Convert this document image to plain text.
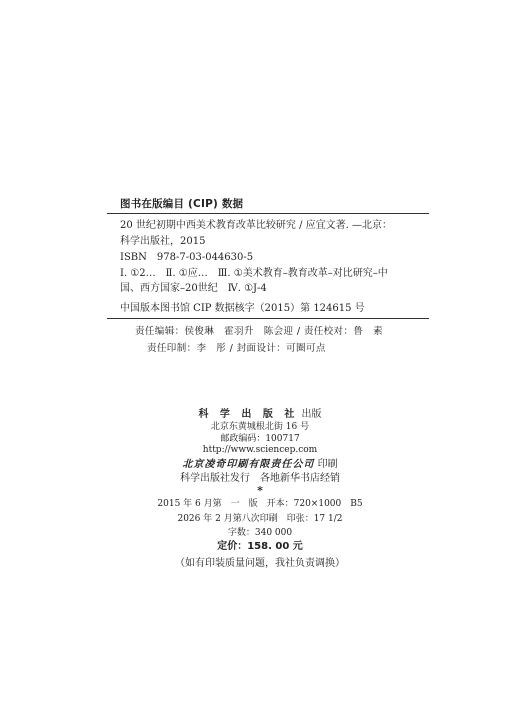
图书在版编目 (CIP) 数据
20 世纪初期中西美术教育改革比较研究 / 应宜文著. —北京：
科学出版社，2015
ISBN　978-7-03-044630-5
Ⅰ. ①2…　Ⅱ. ①应…　Ⅲ. ①美术教育–教育改革–对比研究–中
国、西方国家–20世纪　Ⅳ. ①J-4
中国版本图书馆 CIP 数据核字（2015）第 124615 号
责任编辑：侯俊琳　霍羽升　陈会迎 / 责任校对：鲁　素
责任印制：李　彤 / 封面设计：可圈可点
科 学 出 版 社 出版
北京东黄城根北街 16 号
邮政编码：100717
http://www.sciencep.com
北京凌奇印刷有限责任公司 印刷
科学出版社发行　各地新华书店经销
*
2015 年 6 月第　一　版　开本：720×1000　B5
2026 年 2 月第八次印刷　印张：17 1/2
字数：340 000
定价：158. 00 元
（如有印装质量问题，我社负责调换）
